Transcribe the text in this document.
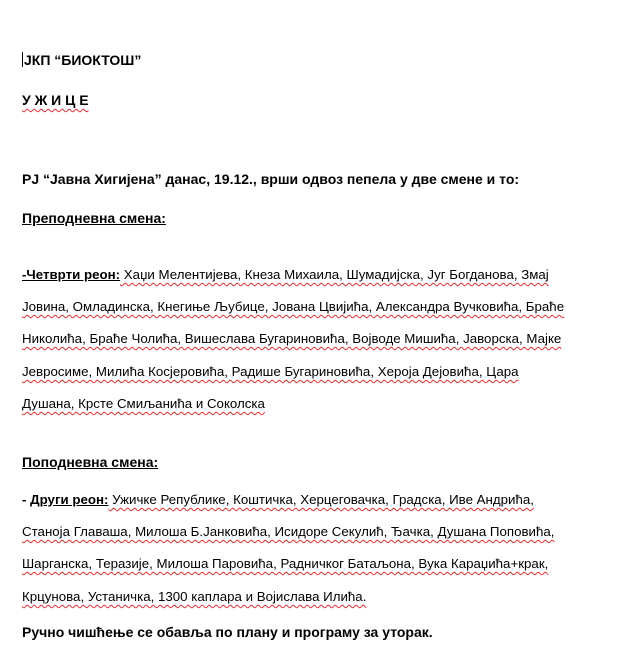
ЈКП “БИОКТОШ”
У Ж И Ц Е
РЈ “Јавна Хигијена” данас, 19.12., врши одвоз пепела у две смене и то:
Преподневна смена:
-Четврти реон: Хаџи Мелентијева, Кнеза Михаила, Шумадијска, Југ Богданова, Змај
Јовина, Омладинска, Кнегиње Љубице, Јована Цвијића, Александра Вучковића, Браће
Николића, Браће Чолића, Вишеслава Бугариновића, Војводе Мишића, Јаворска, Мајке
Јевросиме, Милића Косјеровића, Радише Бугариновића, Хероја Дејовића, Цара
Душана, Крсте Смиљанића и Соколска
Поподневна смена:
- Други реон: Ужичке Републике, Коштичка, Херцеговачка, Градска, Иве Андрића,
Станоја Главаша, Милоша Б.Јанковића, Исидоре Секулић, Ђачка, Душана Поповића,
Шарганска, Теразије, Милоша Паровића, Радничког Батаљона, Вука Караџића+крак,
Крцунова, Устаничка, 1300 каплара и Војислава Илића.
Ручно чишћење се обавља по плану и програму за уторак.
